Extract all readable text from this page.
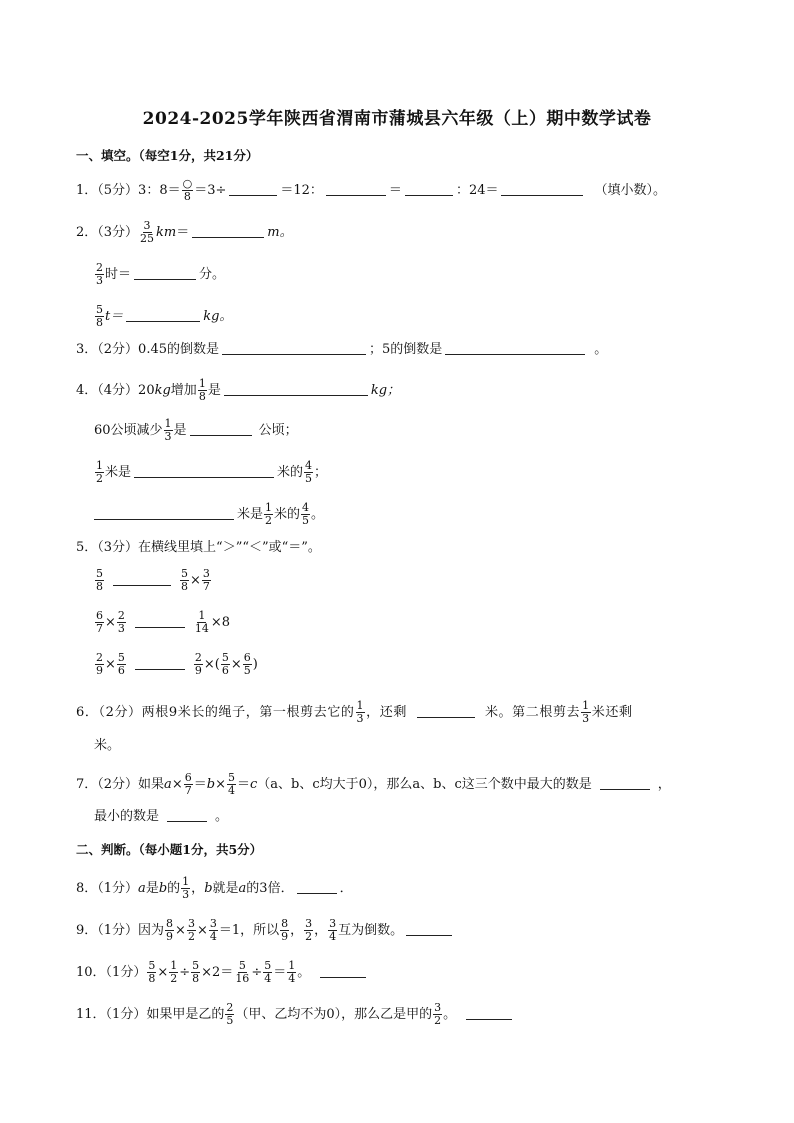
2024-2025学年陕西省渭南市蒲城县六年级（上）期中数学试卷
一、填空。（每空1分，共21分）
1．（5分）3：$8= \frac{○}{8} =3\div$	＝12：	＝	：24＝	（填小数）。
2．（3分） $\frac{3}{25} km=$	m。
$\frac{2}{3}$ 时＝	分。
$\frac{5}{8} t=$	kg。
3．（2分）0.45的倒数是	；5的倒数是	。
4．（4分）20kg增加 $\frac{1}{8}$ 是	kg；
60公顷减少 $\frac{1}{3}$ 是	公顷；
$\frac{1}{2}$ 米是	米的 $\frac{4}{5}$ ；
米是 $\frac{1}{2}$ 米的 $\frac{4}{5}$ 。
5．（3分）在横线里填上“＞”“＜”或“＝”。
$\frac{5}{8}$	$\frac{5}{8} \times \frac{3}{7}$
$\frac{6}{7} \times \frac{2}{3}$	$\frac{1}{14} \times 8$
$\frac{2}{9} \times \frac{5}{6}$	$\frac{2}{9}$ ×( $\frac{5}{6} \times \frac{6}{5}$ )
6．（2分）两根9米长的绳子，第一根剪去它的 $\frac{1}{3}$ ，还剩	米。第二根剪去 $\frac{1}{3}$ 米还剩
米。
7．（2分）如果$a\times \frac{6}{7} =b\times \frac{5}{4} =c(a$、b、c均大于0），那么a、b、c这三个数中最大的数是	，
最小的数是	。
二、判断。（每小题1分，共5分）
8．（1分）a是b的 $\frac{1}{3}$ ，b就是a的3倍．	．
9．（1分）因为 $\frac{8}{9} \times \frac{3}{2} \times \frac{3}{4} =1$，所以 $\frac{8}{9}$ ， $\frac{3}{2}$ ， $\frac{3}{4}$ 互为倒数。
10．（1分） $\frac{5}{8} \times \frac{1}{2} \div \frac{5}{8} \times 2= \frac{5}{16} \div \frac{5}{4} = \frac{1}{4}$ 。
11．（1分）如果甲是乙的 $\frac{2}{5}$ （甲、乙均不为0），那么乙是甲的 $\frac{3}{2}$ 。
